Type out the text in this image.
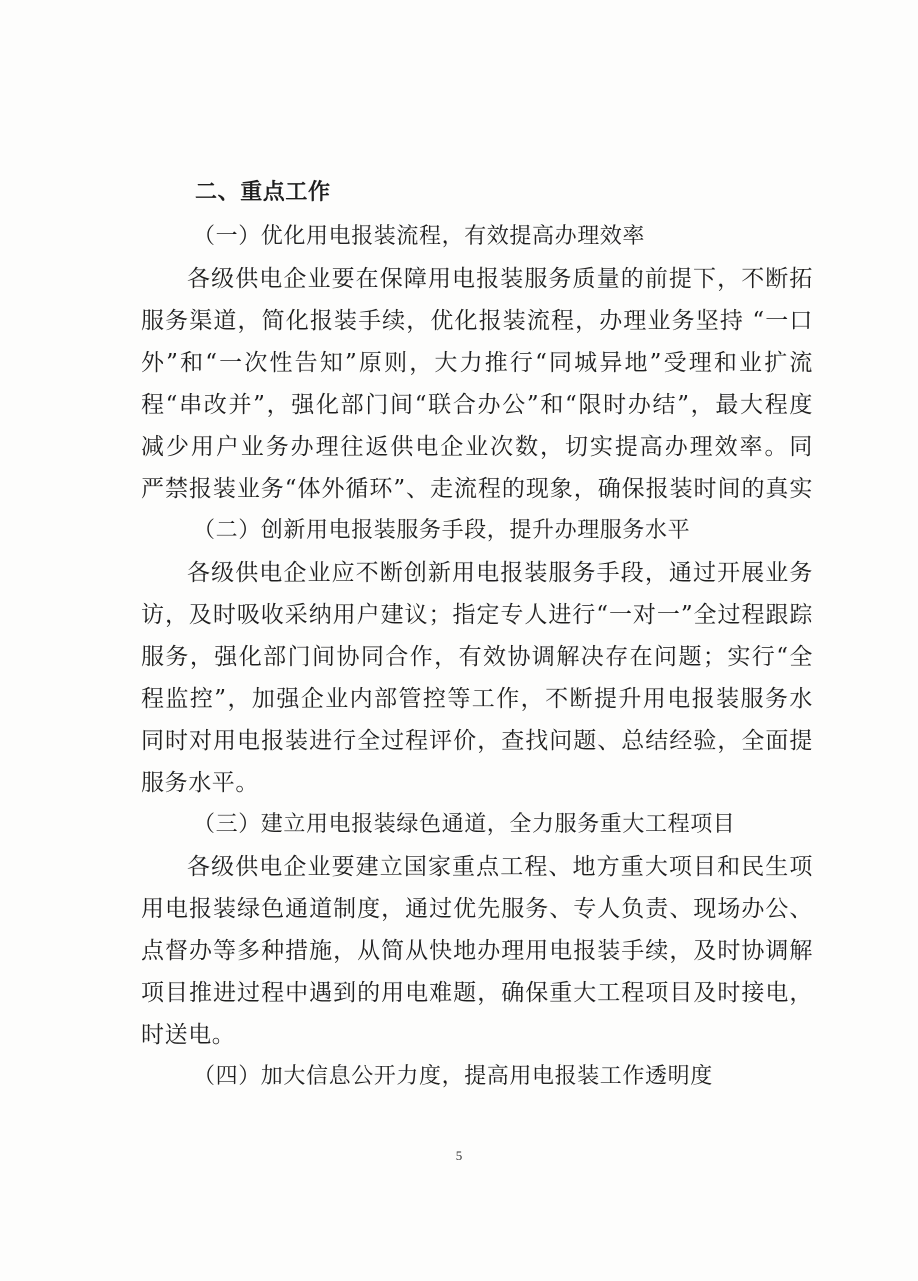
二、重点工作
（一）优化用电报装流程，有效提高办理效率
各级供电企业要在保障用电报装服务质量的前提下，不断拓
服务渠道，简化报装手续，优化报装流程，办理业务坚持 “一口
外”和“一次性告知”原则，大力推行“同城异地”受理和业扩流
程“串改并”，强化部门间“联合办公”和“限时办结”，最大程度
减少用户业务办理往返供电企业次数，切实提高办理效率。同
严禁报装业务“体外循环”、走流程的现象，确保报装时间的真实
（二）创新用电报装服务手段，提升办理服务水平
各级供电企业应不断创新用电报装服务手段，通过开展业务
访，及时吸收采纳用户建议；指定专人进行“一对一”全过程跟踪
服务，强化部门间协同合作，有效协调解决存在问题；实行“全
程监控”，加强企业内部管控等工作，不断提升用电报装服务水
同时对用电报装进行全过程评价，查找问题、总结经验，全面提
服务水平。
（三）建立用电报装绿色通道，全力服务重大工程项目
各级供电企业要建立国家重点工程、地方重大项目和民生项
用电报装绿色通道制度，通过优先服务、专人负责、现场办公、
点督办等多种措施，从简从快地办理用电报装手续，及时协调解
项目推进过程中遇到的用电难题，确保重大工程项目及时接电，
时送电。
（四）加大信息公开力度，提高用电报装工作透明度
5
